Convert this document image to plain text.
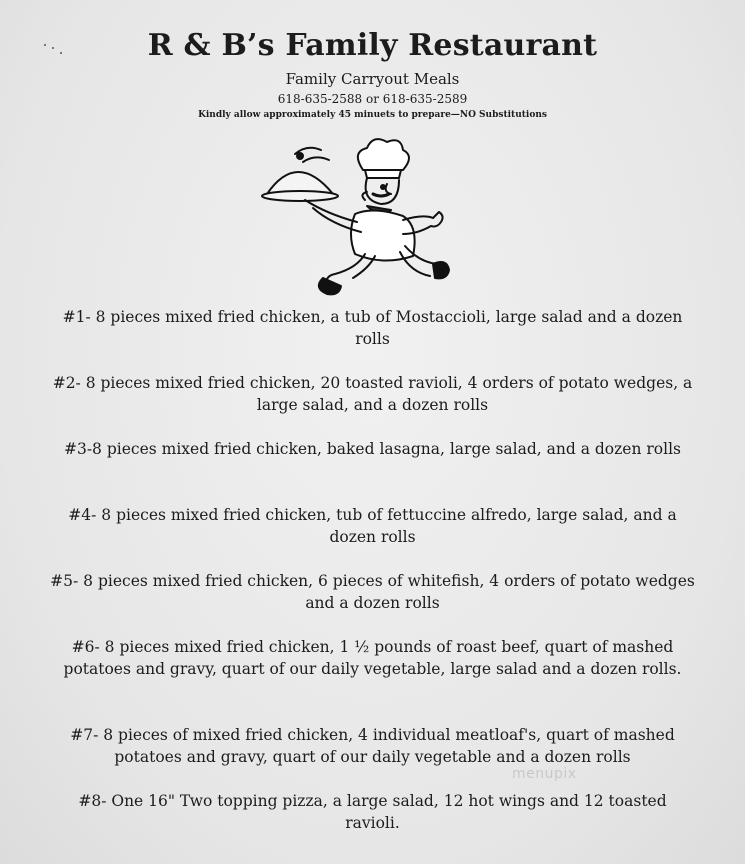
R & B’s Family Restaurant
Family Carryout Meals
618-635-2588 or 618-635-2589
Kindly allow approximately 45 minuets to prepare—NO Substitutions
#1- 8 pieces mixed fried chicken, a tub of Mostaccioli, large salad and a dozen rolls
#2- 8 pieces mixed fried chicken, 20 toasted ravioli, 4 orders of potato wedges, a large salad, and a dozen rolls
#3-8 pieces mixed fried chicken, baked lasagna, large salad, and a dozen rolls
#4- 8 pieces mixed fried chicken, tub of fettuccine alfredo, large salad, and a dozen rolls
#5- 8 pieces mixed fried chicken, 6 pieces of whitefish, 4 orders of potato wedges and a dozen rolls
#6- 8 pieces mixed fried chicken, 1 ½ pounds of roast beef, quart of mashed potatoes and gravy, quart of our daily vegetable, large salad and a dozen rolls.
#7- 8 pieces of mixed fried chicken, 4 individual meatloaf's, quart of mashed potatoes and gravy, quart of our daily vegetable and a dozen rolls
#8- One 16" Two topping pizza, a large salad, 12 hot wings and 12 toasted ravioli.
menupix
